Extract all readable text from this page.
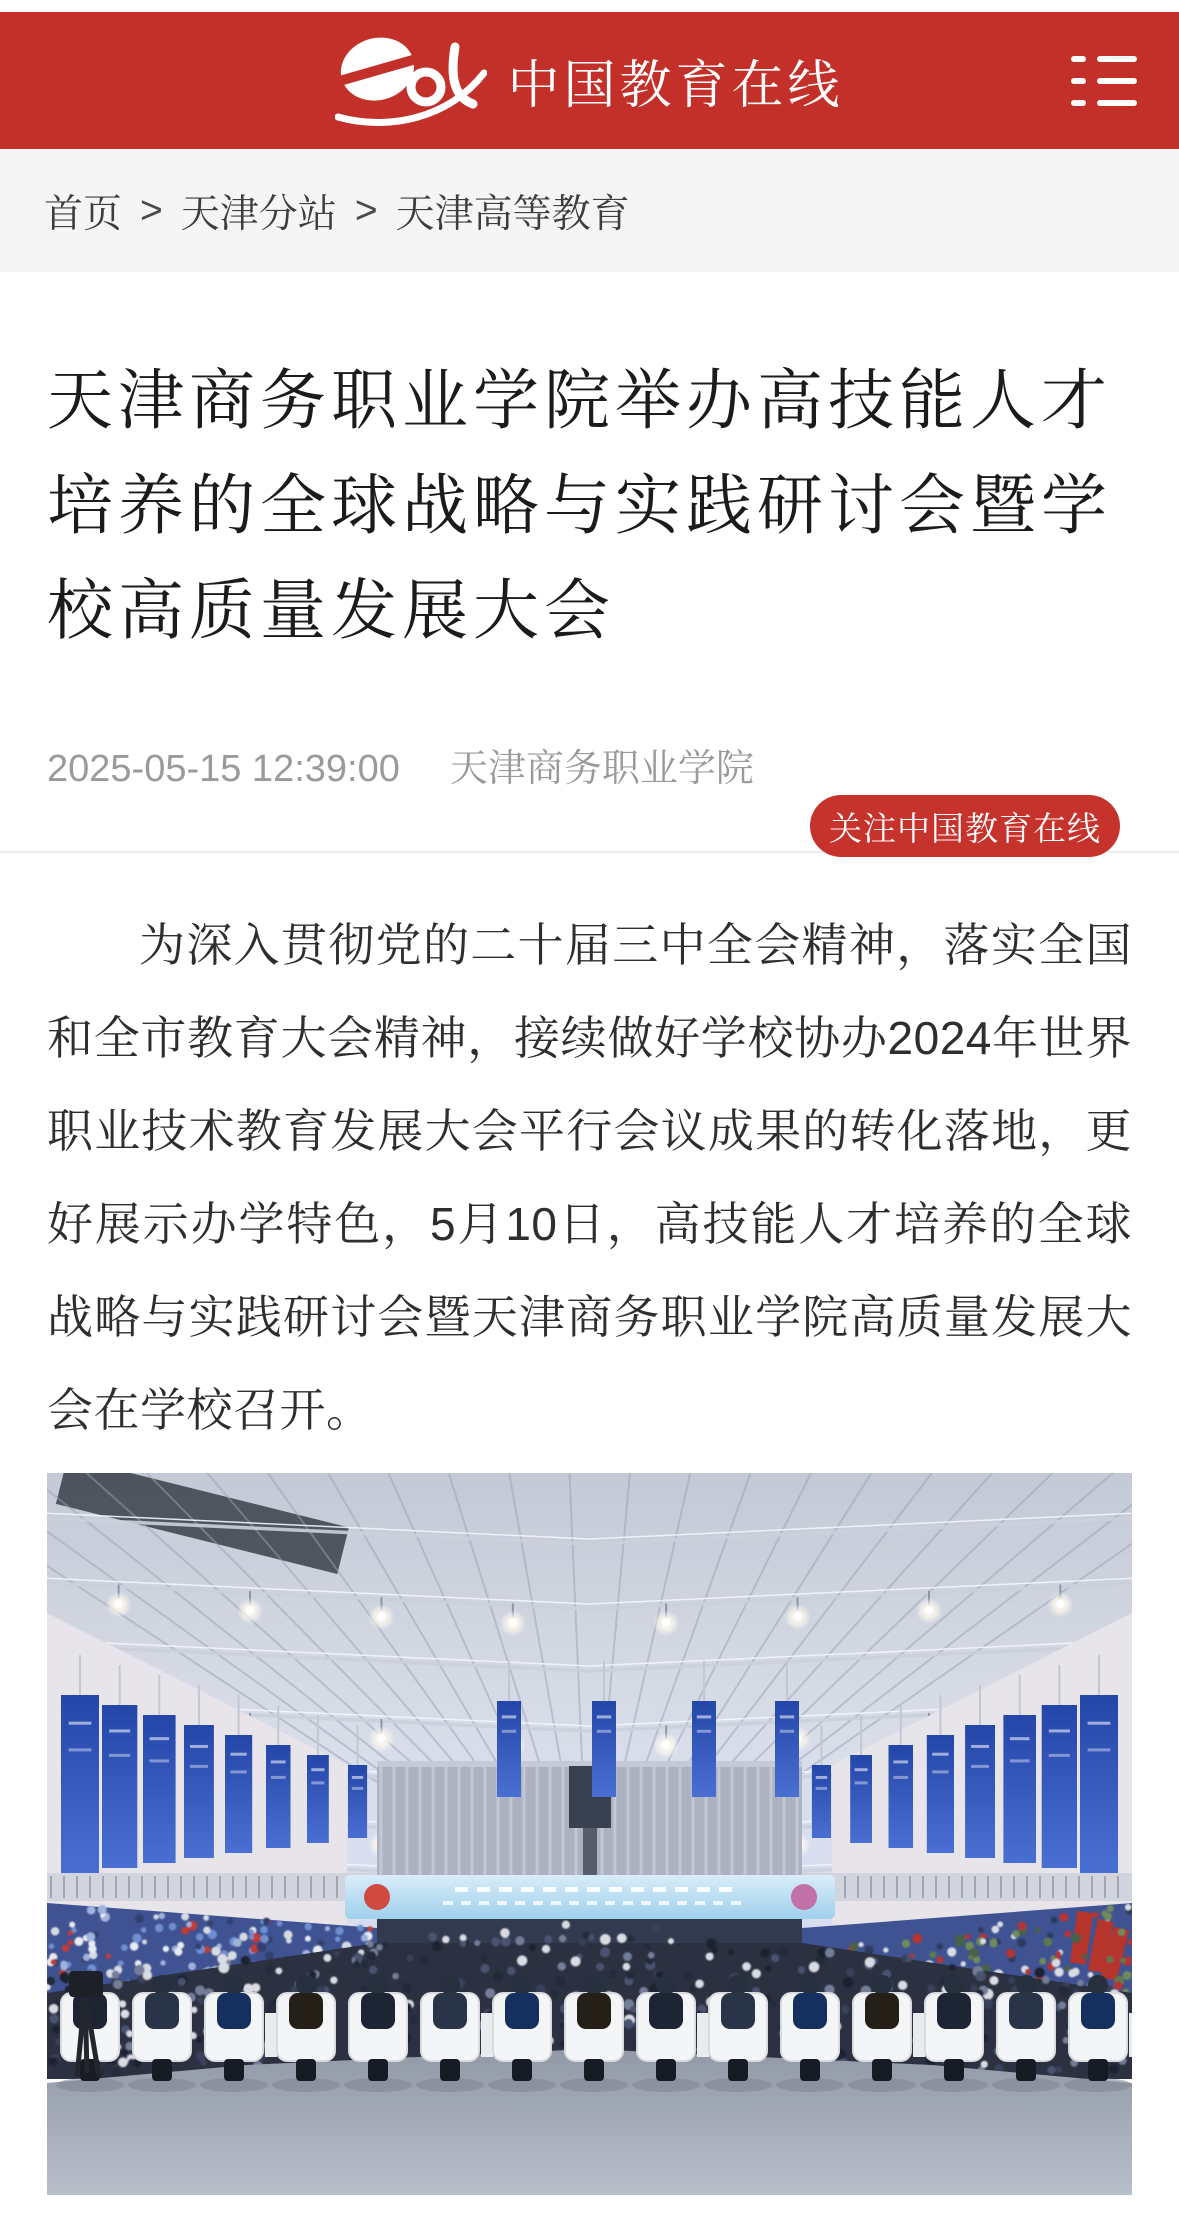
中国教育在线
首页 > 天津分站 > 天津高等教育
天津商务职业学院举办高技能人才培养的全球战略与实践研讨会暨学校高质量发展大会
2025-05-15 12:39:00 天津商务职业学院
关注中国教育在线

为深入贯彻党的二十届三中全会精神，落实全国和全市教育大会精神，接续做好学校协办2024年世界职业技术教育发展大会平行会议成果的转化落地，更好展示办学特色，5月10日，高技能人才培养的全球战略与实践研讨会暨天津商务职业学院高质量发展大会在学校召开。
